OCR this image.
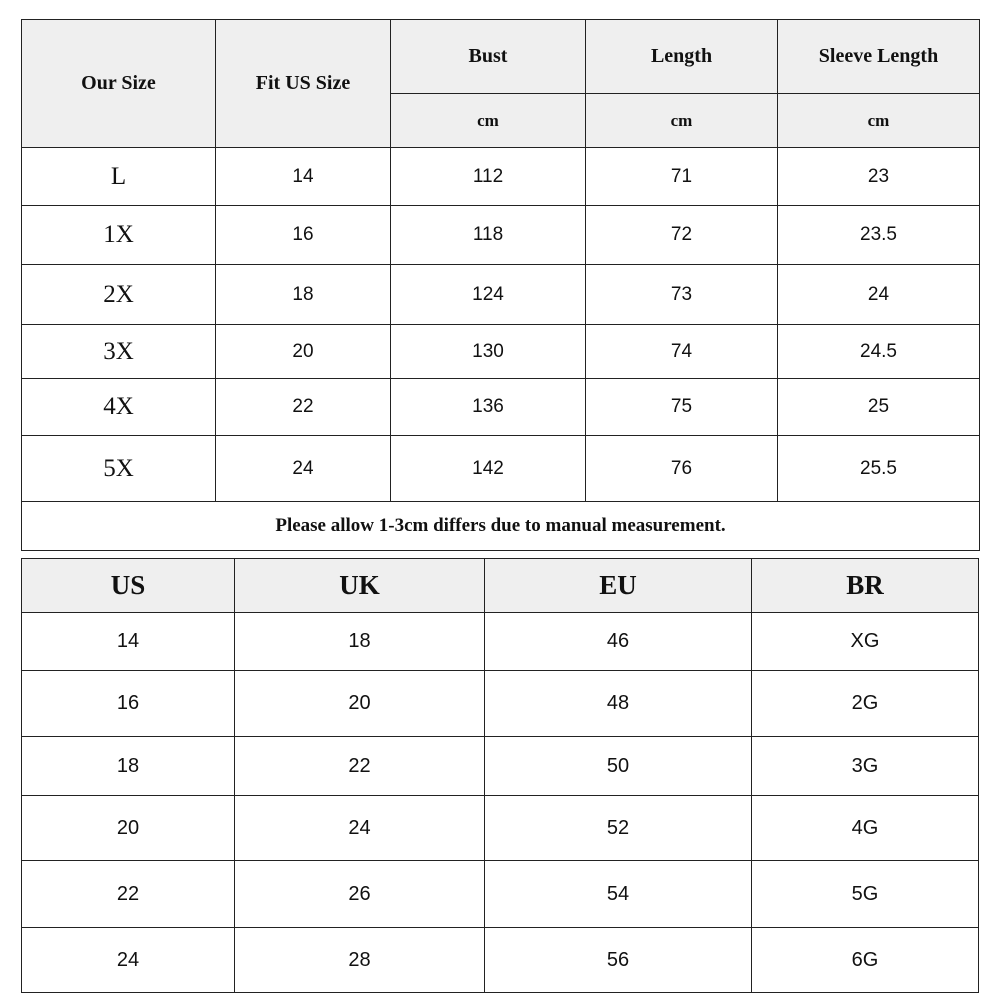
Our Size	Fit US Size	Bust	Length	Sleeve Length
		cm	cm	cm
L	14	112	71	23
1X	16	118	72	23.5
2X	18	124	73	24
3X	20	130	74	24.5
4X	22	136	75	25
5X	24	142	76	25.5
Please allow 1-3cm differs due to manual measurement.				
US	UK	EU	BR
14	18	46	XG
16	20	48	2G
18	22	50	3G
20	24	52	4G
22	26	54	5G
24	28	56	6G
